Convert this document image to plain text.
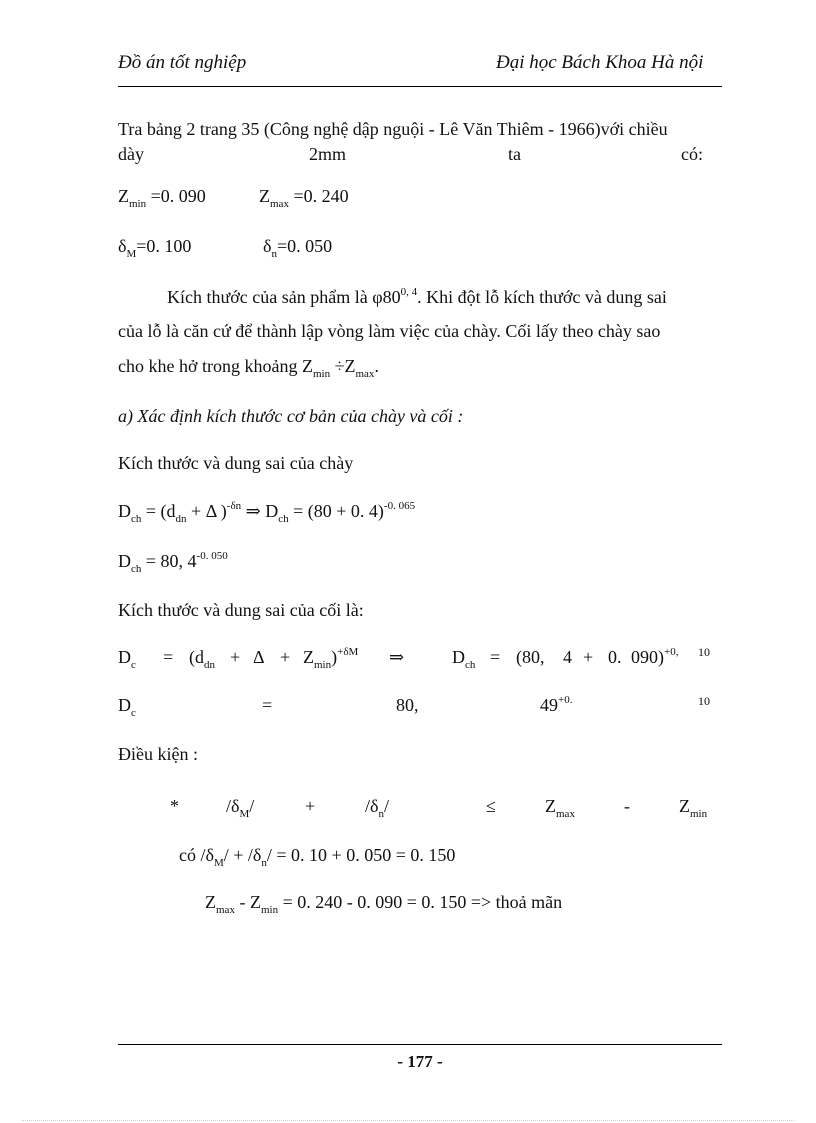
Đồ án tốt nghiệp	Đại học Bách Khoa Hà nội
Tra bảng 2 trang 35 (Công nghệ dập nguội - Lê Văn Thiêm - 1966)với chiều
dày	2mm	ta	có:
$Z_{min} =0$. 090	$Z_{max} =0$. 240
$\delta_M=0$. 100	$\delta_n=0$. 050
Kích thước của sản phẩm là φ80$^{0, 4}$. Khi đột lỗ kích thước và dung sai
của lỗ là căn cứ để thành lập vòng làm việc của chày. Cối lấy theo chày sao
cho khe hở trong khoảng $Z_{min} \div Z_{max}$.
a) Xác định kích thước cơ bản của chày và cối :
Kích thước và dung sai của chày
$D_{ch} = (d_{dn} + \Delta$ )$^{-\delta n}$ ⇒ $D_{ch} = (80 + 0$. 4)$^{-0. 065}$
$D_{ch} = 80$, $4^{-0. 050}$
Kích thước và dung sai của cối là:
$D_c = (d_{dn} + \Delta + Z_{min})^{+\delta M}$ ⇒	$D_{ch} = (80$, 4 + 0. 090)$^{+0,}$ 10
$D_c$	=	80,	$49^{+0.}$	10
Điều kiện :
*	$/\delta_M/$	+	$/\delta_n/$	≤	$Z_{max}$	-	$Z_{min}$
có $/\delta_M/ + /\delta_n/ = 0$. 10 + 0. 050 = 0. 150
$Z_{max} - Z_{min} = 0$. 240 - 0. 090 = 0. 150 => thoả mãn
- 177 -
